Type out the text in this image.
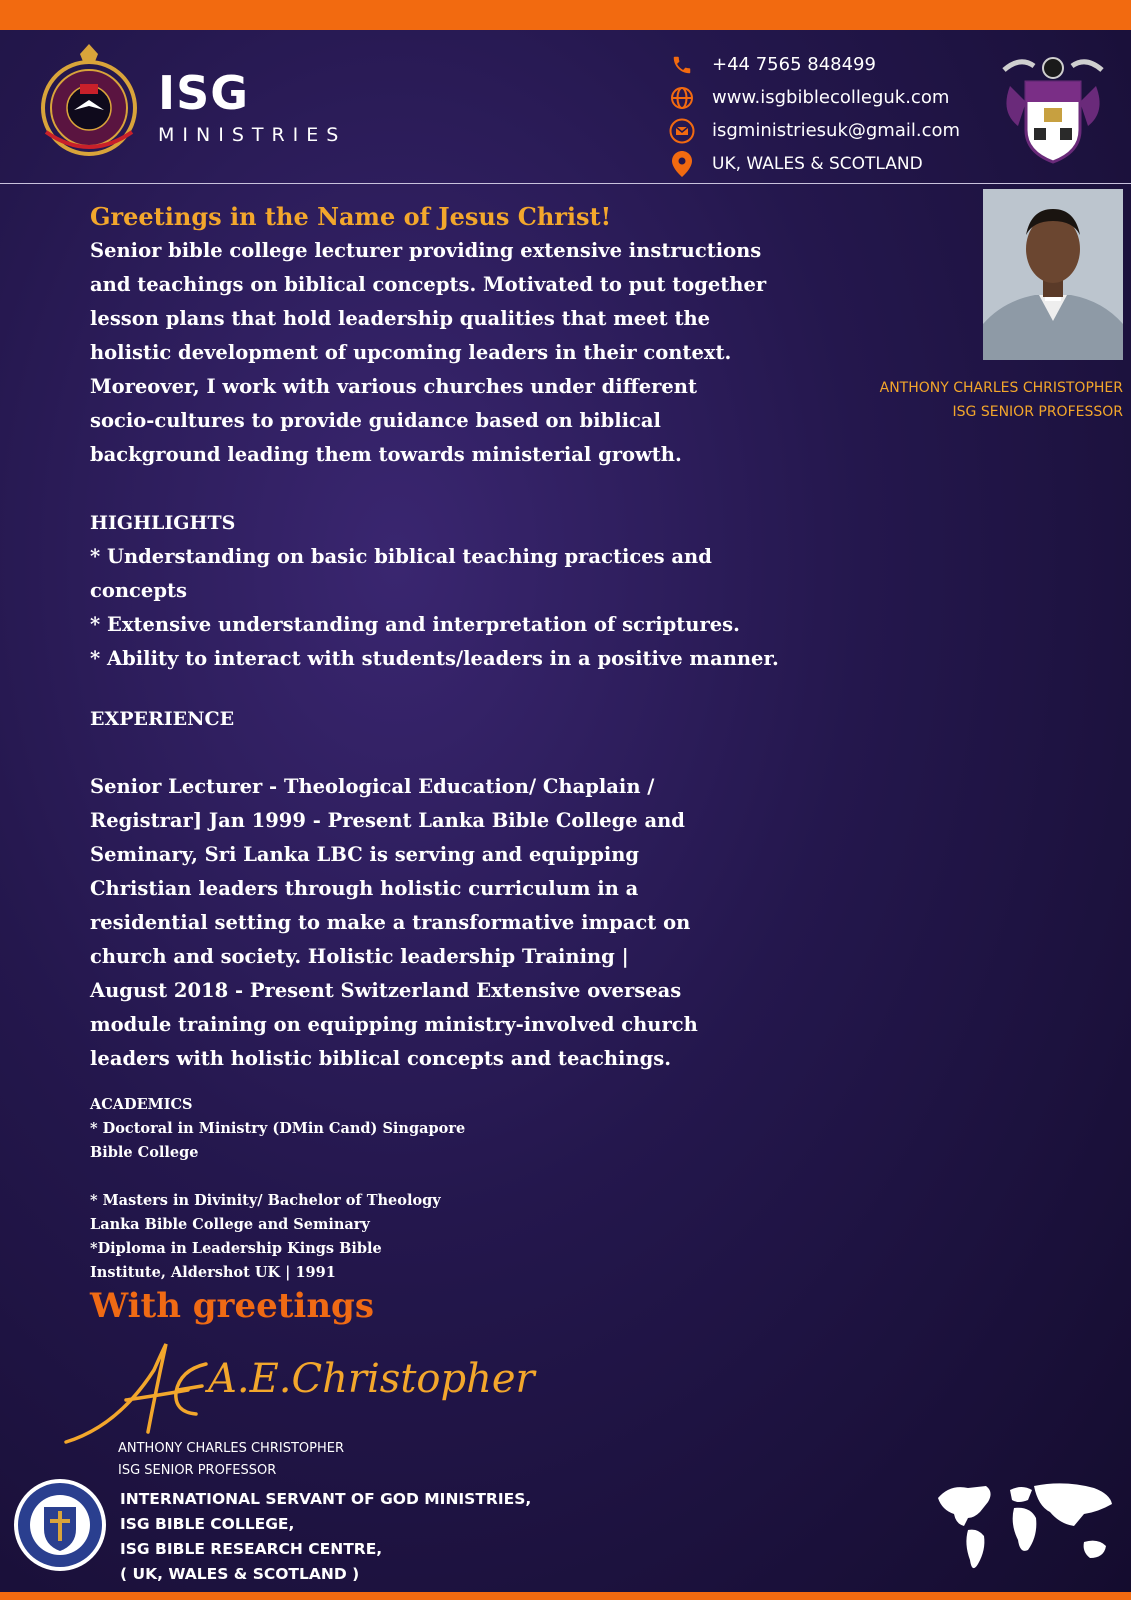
ISG
MINISTRIES
+44 7565 848499
www.isgbiblecolleguk.com
isgministriesuk@gmail.com
UK, WALES & SCOTLAND
ANTHONY CHARLES CHRISTOPHER
ISG SENIOR PROFESSOR
Greetings in the Name of Jesus Christ!
Senior bible college lecturer providing extensive instructions
and teachings on biblical concepts. Motivated to put together
lesson plans that hold leadership qualities that meet the
holistic development of upcoming leaders in their context.
Moreover, I work with various churches under different
socio-cultures to provide guidance based on biblical
background leading them towards ministerial growth.
HIGHLIGHTS
* Understanding on basic biblical teaching practices and
concepts
* Extensive understanding and interpretation of scriptures.
* Ability to interact with students/leaders in a positive manner.
EXPERIENCE
Senior Lecturer - Theological Education/ Chaplain /
Registrar] Jan 1999 - Present Lanka Bible College and
Seminary, Sri Lanka LBC is serving and equipping
Christian leaders through holistic curriculum in a
residential setting to make a transformative impact on
church and society. Holistic leadership Training |
August 2018 - Present Switzerland Extensive overseas
module training on equipping ministry-involved church
leaders with holistic biblical concepts and teachings.
ACADEMICS
* Doctoral in Ministry (DMin Cand) Singapore
Bible College

* Masters in Divinity/ Bachelor of Theology
Lanka Bible College and Seminary
*Diploma in Leadership Kings Bible
Institute, Aldershot UK | 1991
With greetings
A.E.Christopher
ANTHONY CHARLES CHRISTOPHER
ISG SENIOR PROFESSOR
INTERNATIONAL SERVANT OF GOD MINISTRIES,
ISG BIBLE COLLEGE,
ISG BIBLE RESEARCH CENTRE,
( UK, WALES & SCOTLAND )
